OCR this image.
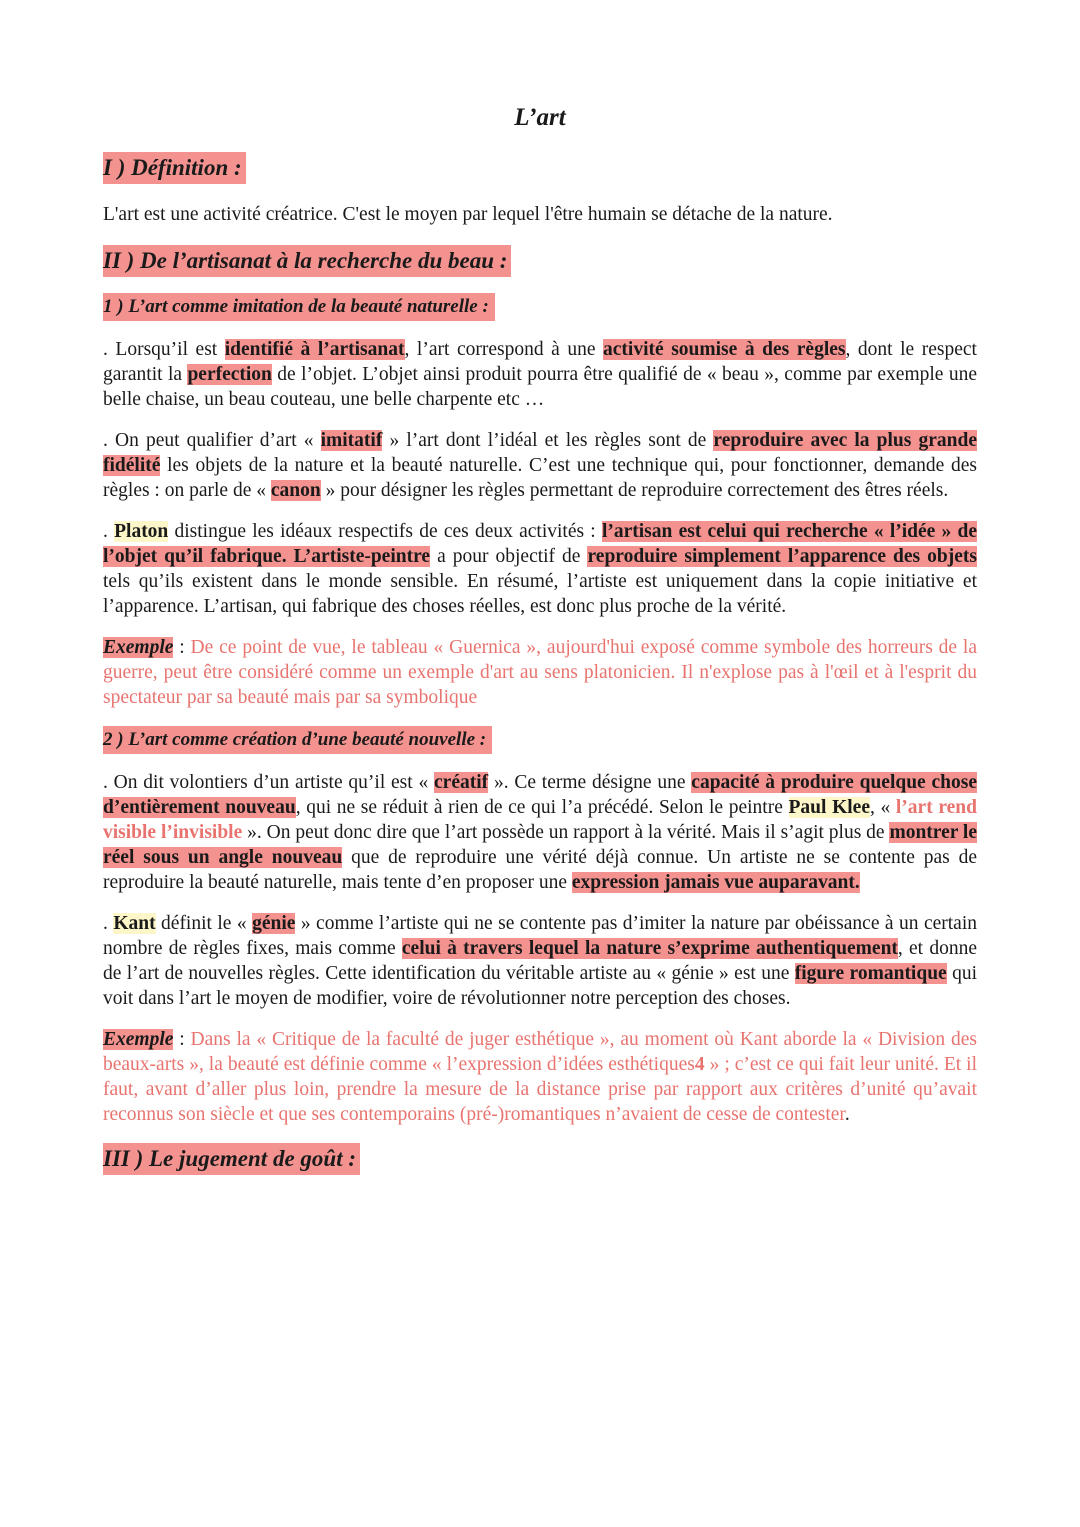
L’art
I ) Définition :

L'art est une activité créatrice. C'est le moyen par lequel l'être humain se détache de la nature.

II ) De l’artisanat à la recherche du beau :
1 ) L’art comme imitation de la beauté naturelle :

. Lorsqu’il est identifié à l’artisanat, l’art correspond à une activité soumise à des règles, dont le respect garantit la perfection de l’objet. L’objet ainsi produit pourra être qualifié de « beau », comme par exemple une belle chaise, un beau couteau, une belle charpente etc …

. On peut qualifier d’art « imitatif » l’art dont l’idéal et les règles sont de reproduire avec la plus grande fidélité les objets de la nature et la beauté naturelle. C’est une technique qui, pour fonctionner, demande des règles : on parle de « canon » pour désigner les règles permettant de reproduire correctement des êtres réels.

. Platon distingue les idéaux respectifs de ces deux activités : l’artisan est celui qui recherche « l’idée » de l’objet qu’il fabrique. L’artiste-peintre a pour objectif de reproduire simplement l’apparence des objets tels qu’ils existent dans le monde sensible. En résumé, l’artiste est uniquement dans la copie initiative et l’apparence. L’artisan, qui fabrique des choses réelles, est donc plus proche de la vérité.

Exemple : De ce point de vue, le tableau « Guernica », aujourd'hui exposé comme symbole des horreurs de la guerre, peut être considéré comme un exemple d'art au sens platonicien. Il n'explose pas à l'œil et à l'esprit du spectateur par sa beauté mais par sa symbolique

2 ) L’art comme création d’une beauté nouvelle :

. On dit volontiers d’un artiste qu’il est « créatif ». Ce terme désigne une capacité à produire quelque chose d’entièrement nouveau, qui ne se réduit à rien de ce qui l’a précédé. Selon le peintre Paul Klee, « l’art rend visible l’invisible ». On peut donc dire que l’art possède un rapport à la vérité. Mais il s’agit plus de montrer le réel sous un angle nouveau que de reproduire une vérité déjà connue. Un artiste ne se contente pas de reproduire la beauté naturelle, mais tente d’en proposer une expression jamais vue auparavant.

. Kant définit le « génie » comme l’artiste qui ne se contente pas d’imiter la nature par obéissance à un certain nombre de règles fixes, mais comme celui à travers lequel la nature s’exprime authentiquement, et donne de l’art de nouvelles règles. Cette identification du véritable artiste au « génie » est une figure romantique qui voit dans l’art le moyen de modifier, voire de révolutionner notre perception des choses.

Exemple : Dans la « Critique de la faculté de juger esthétique », au moment où Kant aborde la « Division des beaux-arts », la beauté est définie comme « l’expression d’idées esthétiques4 » ; c’est ce qui fait leur unité. Et il faut, avant d’aller plus loin, prendre la mesure de la distance prise par rapport aux critères d’unité qu’avait reconnus son siècle et que ses contemporains (pré-)romantiques n’avaient de cesse de contester.

III ) Le jugement de goût :
